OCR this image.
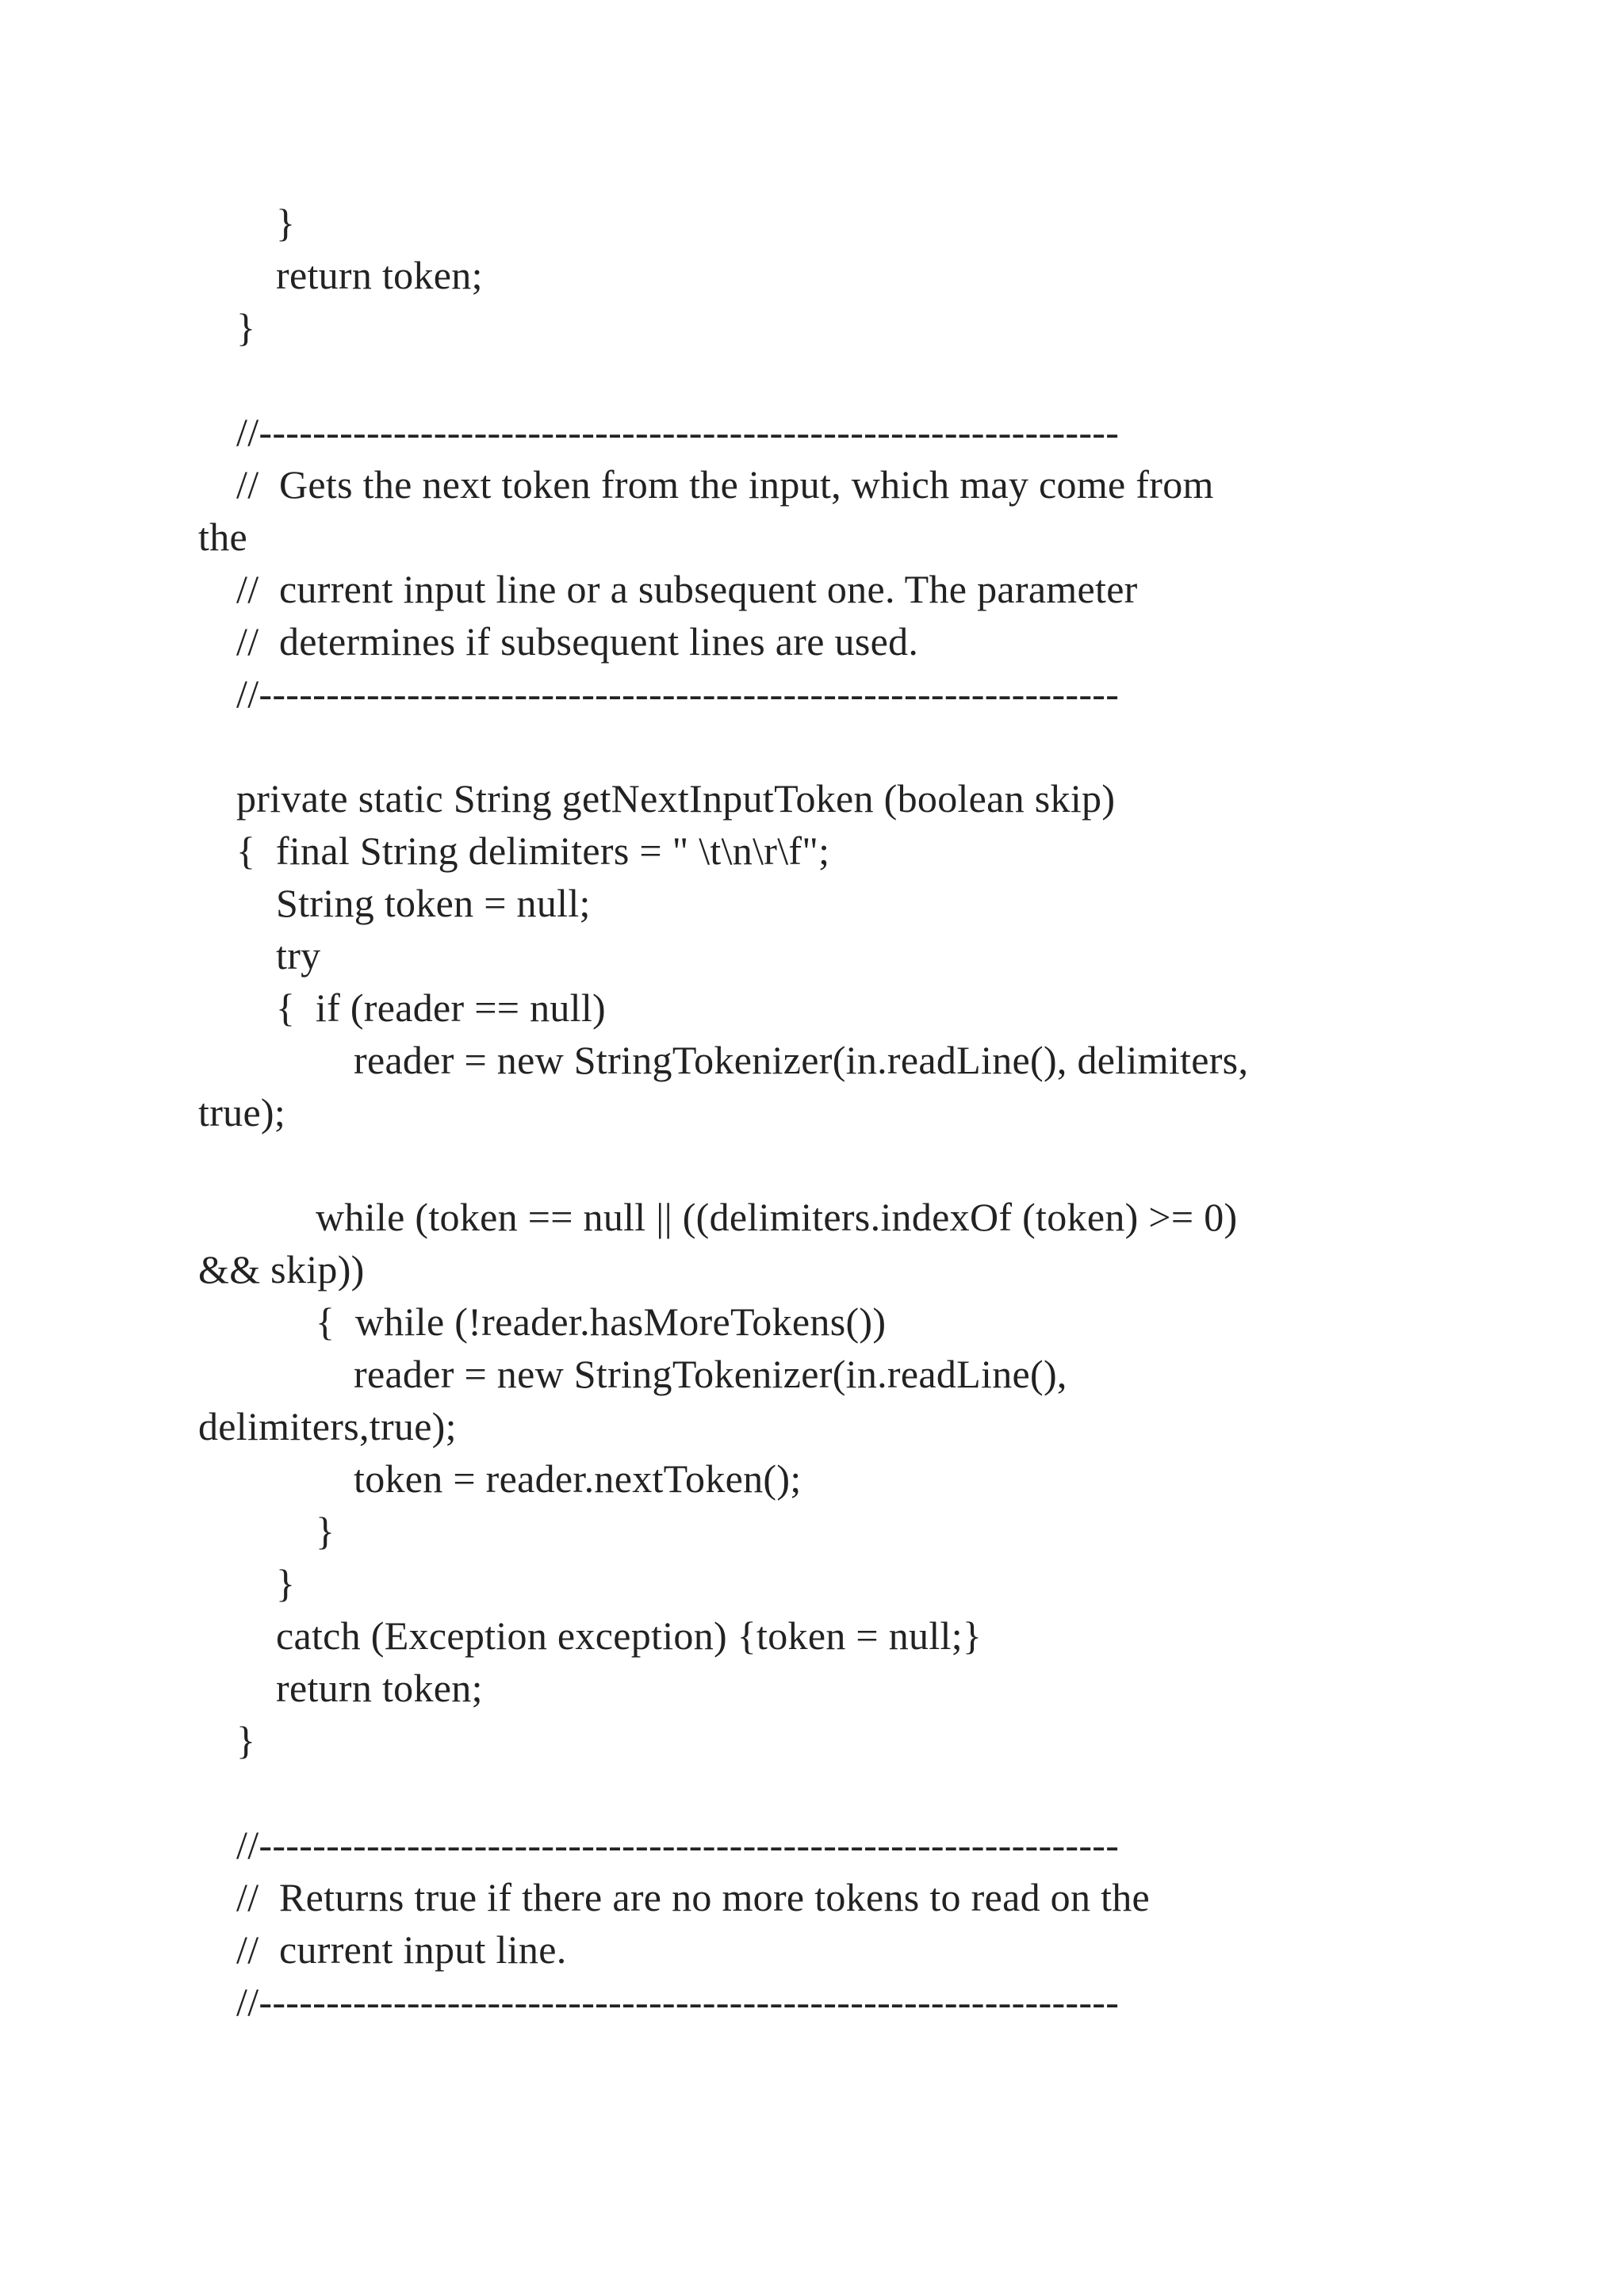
}
return token;
}
//----------------------------------------------------------------
//  Gets the next token from the input, which may come from
the
//  current input line or a subsequent one. The parameter
//  determines if subsequent lines are used.
//----------------------------------------------------------------
private static String getNextInputToken (boolean skip)
{  final String delimiters = " \t\n\r\f";
String token = null;
try
{  if (reader == null)
reader = new StringTokenizer(in.readLine(), delimiters,
true);
while (token == null || ((delimiters.indexOf (token) >= 0)
&& skip))
{  while (!reader.hasMoreTokens())
reader = new StringTokenizer(in.readLine(),
delimiters,true);
token = reader.nextToken();
}
}
catch (Exception exception) {token = null;}
return token;
}
//----------------------------------------------------------------
//  Returns true if there are no more tokens to read on the
//  current input line.
//----------------------------------------------------------------
